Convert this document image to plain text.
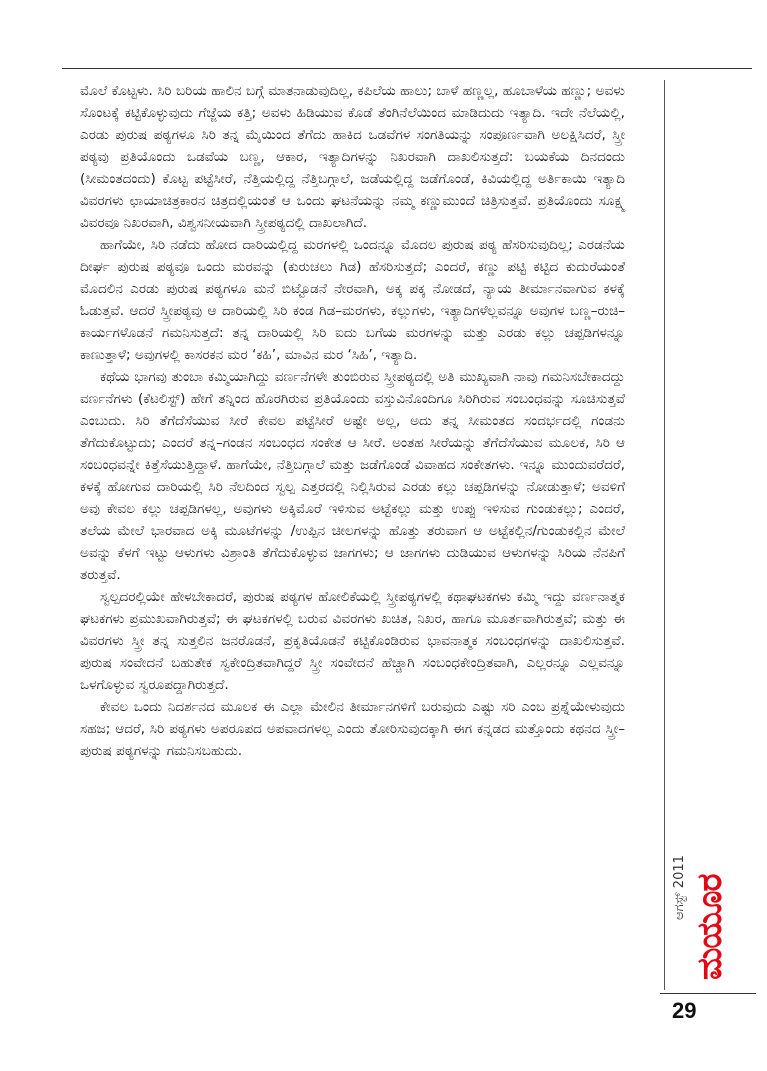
ಮೊಲೆ ಕೊಟ್ಟಳು. ಸಿರಿ ಬರಿಯ ಹಾಲಿನ ಬಗ್ಗೆ ಮಾತನಾಡುವುದಿಲ್ಲ, ಕಪಿಲೆಯ ಹಾಲು; ಬಾಳೆ ಹಣ್ಣಲ್ಲ, ಹೂಬಾಳೆಯ ಹಣ್ಣು; ಅವಳು ಸೊಂಟಕ್ಕೆ ಕಟ್ಟಿಕೊಳ್ಳುವುದು ಗೆಜ್ಜೆಯ ಕತ್ತಿ; ಅವಳು ಹಿಡಿಯುವ ಕೊಡೆ ತೆಂಗಿನೆಲೆಯಿಂದ ಮಾಡಿದುದು ಇತ್ಯಾದಿ. ಇದೇ ನೆಲೆಯಲ್ಲಿ, ಎರಡು ಪುರುಷ ಪಠ್ಯಗಳೂ ಸಿರಿ ತನ್ನ ಮೈಯಿಂದ ತೆಗೆದು ಹಾಕಿದ ಒಡವೆಗಳ ಸಂಗತಿಯನ್ನು ಸಂಪೂರ್ಣವಾಗಿ ಅಲಕ್ಷಿಸಿದರೆ, ಸ್ತ್ರೀ ಪಠ್ಯವು ಪ್ರತಿಯೊಂದು ಒಡವೆಯ ಬಣ್ಣ, ಆಕಾರ, ಇತ್ಯಾದಿಗಳನ್ನು ನಿಖರವಾಗಿ ದಾಖಲಿಸುತ್ತದೆ: ಬಯಕೆಯ ದಿನದಂದು (ಸೀಮಂತದಂದು) ಕೊಟ್ಟ ಪಟ್ಟೆಸೀರೆ, ನೆತ್ತಿಯಲ್ಲಿದ್ದ ನೆತ್ತಿಬಗ್ಗಾಲೆ, ಜಡೆಯಲ್ಲಿದ್ದ ಜಡೆಗೊಂಡೆ, ಕಿವಿಯಲ್ಲಿದ್ದ ಅರ್ತಿಕಾಯಿ ಇತ್ಯಾದಿ ವಿವರಗಳು ಛಾಯಾಚಿತ್ರಕಾರನ ಚಿತ್ರದಲ್ಲಿಯಂತೆ ಆ ಒಂದು ಘಟನೆಯನ್ನು ನಮ್ಮ ಕಣ್ಣುಮುಂದೆ ಚಿತ್ರಿಸುತ್ತವೆ. ಪ್ರತಿಯೊಂದು ಸೂಕ್ಷ್ಮ ವಿವರವೂ ನಿಖರವಾಗಿ, ವಿಶ್ವಸನೀಯವಾಗಿ ಸ್ತ್ರೀಪಠ್ಯದಲ್ಲಿ ದಾಖಲಾಗಿದೆ.

ಹಾಗೆಯೇ, ಸಿರಿ ನಡೆದು ಹೋದ ದಾರಿಯಲ್ಲಿದ್ದ ಮರಗಳಲ್ಲಿ ಒಂದನ್ನೂ ಮೊದಲ ಪುರುಷ ಪಠ್ಯ ಹೆಸರಿಸುವುದಿಲ್ಲ; ಎರಡನೆಯ ದೀರ್ಘ ಪುರುಷ ಪಠ್ಯವೂ ಒಂದು ಮರವನ್ನು (ಕುರುಚಲು ಗಿಡ) ಹೆಸರಿಸುತ್ತದೆ; ಎಂದರೆ, ಕಣ್ಣು ಪಟ್ಟಿ ಕಟ್ಟಿದ ಕುದುರೆಯಂತೆ ಮೊದಲಿನ ಎರಡು ಪುರುಷ ಪಠ್ಯಗಳೂ ಮನೆ ಬಿಟ್ಟೊಡನೆ ನೇರವಾಗಿ, ಅಕ್ಕ ಪಕ್ಕ ನೋಡದೆ, ನ್ಯಾಯ ತೀರ್ಮಾನವಾಗುವ ಕಳಕ್ಕೆ ಓಡುತ್ತವೆ. ಆದರೆ ಸ್ತ್ರೀಪಠ್ಯವು ಆ ದಾರಿಯಲ್ಲಿ ಸಿರಿ ಕಂಡ ಗಿಡ–ಮರಗಳು, ಕಲ್ಲುಗಳು, ಇತ್ಯಾದಿಗಳೆಲ್ಲವನ್ನೂ ಅವುಗಳ ಬಣ್ಣ–ರುಚಿ–ಕಾರ್ಯಗಳೊಡನೆ ಗಮನಿಸುತ್ತದೆ: ತನ್ನ ದಾರಿಯಲ್ಲಿ ಸಿರಿ ಐದು ಬಗೆಯ ಮರಗಳನ್ನು ಮತ್ತು ಎರಡು ಕಲ್ಲು ಚಪ್ಪಡಿಗಳನ್ನೂ ಕಾಣುತ್ತಾಳೆ; ಅವುಗಳಲ್ಲಿ ಕಾಸರಕನ ಮರ ‘ಕಹಿ’, ಮಾವಿನ ಮರ ‘ಸಿಹಿ’, ಇತ್ಯಾದಿ.

ಕಥೆಯ ಭಾಗವು ತುಂಬಾ ಕಮ್ಮಿಯಾಗಿದ್ದು ವರ್ಣನೆಗಳೇ ತುಂಬಿರುವ ಸ್ತ್ರೀಪಠ್ಯದಲ್ಲಿ ಅತಿ ಮುಖ್ಯವಾಗಿ ನಾವು ಗಮನಿಸಬೇಕಾದದ್ದು ವರ್ಣನೆಗಳು (ಕೆಟಲಿಸ್ಟ್) ಹೇಗೆ ತನ್ನಿಂದ ಹೊರಗಿರುವ ಪ್ರತಿಯೊಂದು ವಸ್ತುವಿನೊಂದಿಗೂ ಸಿರಿಗಿರುವ ಸಂಬಂಧವನ್ನು ಸೂಚಿಸುತ್ತವೆ ಎಂಬುದು. ಸಿರಿ ತೆಗೆದೆಸೆಯುವ ಸೀರೆ ಕೇವಲ ಪಟ್ಟೆಸೀರೆ ಅಷ್ಟೇ ಅಲ್ಲ, ಅದು ತನ್ನ ಸೀಮಂತದ ಸಂದರ್ಭದಲ್ಲಿ ಗಂಡನು ತೆಗೆದುಕೊಟ್ಟುದು; ಎಂದರೆ ತನ್ನ–ಗಂಡನ ಸಂಬಂಧದ ಸಂಕೇತ ಆ ಸೀರೆ. ಅಂತಹ ಸೀರೆಯನ್ನು ತೆಗೆದೆಸೆಯುವ ಮೂಲಕ, ಸಿರಿ ಆ ಸಂಬಂಧವನ್ನೇ ಕಿತ್ತೆಸೆಯುತ್ತಿದ್ದಾಳೆ. ಹಾಗೆಯೇ, ನೆತ್ತಿಬಗ್ಗಾಲೆ ಮತ್ತು ಜಡೆಗೊಂಡೆ ವಿವಾಹದ ಸಂಕೇತಗಳು. ಇನ್ನೂ ಮುಂದುವರೆದರೆ, ಕಳಕ್ಕೆ ಹೋಗುವ ದಾರಿಯಲ್ಲಿ ಸಿರಿ ನೆಲದಿಂದ ಸ್ವಲ್ಪ ಎತ್ತರದಲ್ಲಿ ನಿಲ್ಲಿಸಿರುವ ಎರಡು ಕಲ್ಲು ಚಪ್ಪಡಿಗಳನ್ನು ನೋಡುತ್ತಾಳೆ; ಅವಳಿಗೆ ಅವು ಕೇವಲ ಕಲ್ಲು ಚಪ್ಪಡಿಗಳಲ್ಲ, ಅವುಗಳು ಅಕ್ಕಿಮೊರೆ ಇಳಿಸುವ ಅಟ್ಟೆಕಲ್ಲು ಮತ್ತು ಉಪ್ಪು ಇಳಿಸುವ ಗುಂಡುಕಲ್ಲು; ಎಂದರೆ, ತಲೆಯ ಮೇಲೆ ಭಾರವಾದ ಅಕ್ಕಿ ಮೂಟೆಗಳನ್ನು /ಉಪ್ಪಿನ ಚೀಲಗಳನ್ನು ಹೊತ್ತು ತರುವಾಗ ಆ ಅಟ್ಟೆಕಲ್ಲಿನ/ಗುಂಡುಕಲ್ಲಿನ ಮೇಲೆ ಅವನ್ನು ಕೆಳಗೆ ಇಟ್ಟು ಆಳುಗಳು ವಿಶ್ರಾಂತಿ ತೆಗೆದುಕೊಳ್ಳುವ ಜಾಗಗಳು; ಆ ಜಾಗಗಳು ದುಡಿಯುವ ಆಳುಗಳನ್ನು ಸಿರಿಯ ನೆನಪಿಗೆ ತರುತ್ತವೆ.

ಸ್ವಲ್ಪದರಲ್ಲಿಯೇ ಹೇಳಬೇಕಾದರೆ, ಪುರುಷ ಪಠ್ಯಗಳ ಹೋಲಿಕೆಯಲ್ಲಿ ಸ್ತ್ರೀಪಠ್ಯಗಳಲ್ಲಿ ಕಥಾಘಟಕಗಳು ಕಮ್ಮಿ ಇದ್ದು ವರ್ಣನಾತ್ಮಕ ಘಟಕಗಳು ಪ್ರಮುಖವಾಗಿರುತ್ತವೆ; ಈ ಘಟಕಗಳಲ್ಲಿ ಬರುವ ವಿವರಗಳು ಖಚಿತ, ನಿಖರ, ಹಾಗೂ ಮೂರ್ತವಾಗಿರುತ್ತವೆ; ಮತ್ತು ಈ ವಿವರಗಳು ಸ್ತ್ರೀ ತನ್ನ ಸುತ್ತಲಿನ ಜನರೊಡನೆ, ಪ್ರಕೃತಿಯೊಡನೆ ಕಟ್ಟಿಕೊಂಡಿರುವ ಭಾವನಾತ್ಮಕ ಸಂಬಂಧಗಳನ್ನು ದಾಖಲಿಸುತ್ತವೆ. ಪುರುಷ ಸಂವೇದನೆ ಬಹುತೇಕ ಸ್ವಕೇಂದ್ರಿತವಾಗಿದ್ದರೆ ಸ್ತ್ರೀ ಸಂವೇದನೆ ಹೆಚ್ಚಾಗಿ ಸಂಬಂಧಕೇಂದ್ರಿತವಾಗಿ, ಎಲ್ಲರನ್ನೂ ಎಲ್ಲವನ್ನೂ ಒಳಗೊಳ್ಳುವ ಸ್ವರೂಪದ್ದಾಗಿರುತ್ತದೆ.

ಕೇವಲ ಒಂದು ನಿದರ್ಶನದ ಮೂಲಕ ಈ ಎಲ್ಲಾ ಮೇಲಿನ ತೀರ್ಮಾನಗಳಿಗೆ ಬರುವುದು ಎಷ್ಟು ಸರಿ ಎಂಬ ಪ್ರಶ್ನೆಯೇಳುವುದು ಸಹಜ; ಆದರೆ, ಸಿರಿ ಪಠ್ಯಗಳು ಅಪರೂಪದ ಅಪವಾದಗಳಲ್ಲ ಎಂದು ತೋರಿಸುವುದಕ್ಕಾಗಿ ಈಗ ಕನ್ನಡದ ಮತ್ತೊಂದು ಕಥನದ ಸ್ತ್ರೀ–ಪುರುಷ ಪಠ್ಯಗಳನ್ನು ಗಮನಿಸಬಹುದು.

ಆಗಸ್ಟ್ 2011 ಮಯೂರ
29
